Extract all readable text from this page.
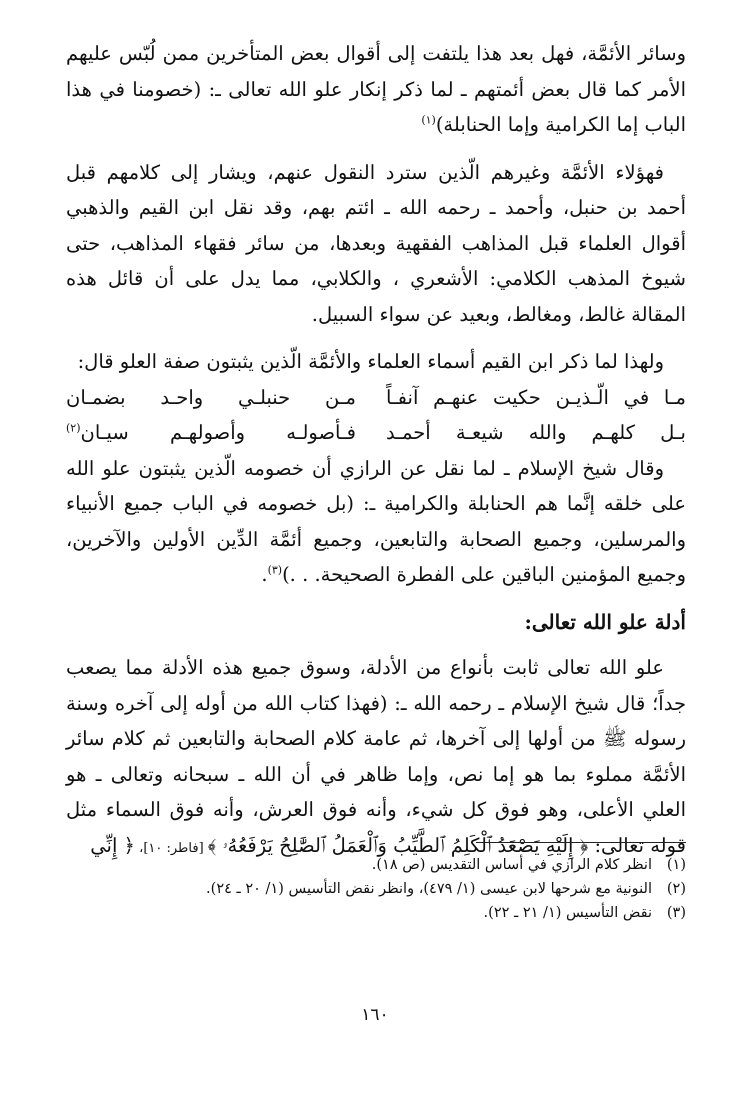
وسائر الأئمَّة، فهل بعد هذا يلتفت إلى أقوال بعض المتأخرين ممن لُبّس عليهم الأمر كما قال بعض أئمتهم ـ لما ذكر إنكار علو الله تعالى ـ: (خصومنا في هذا الباب إما الكرامية وإما الحنابلة)$^{(١)}$

فهؤلاء الأئمَّة وغيرهم الّذين سترد النقول عنهم، ويشار إلى كلامهم قبل أحمد بن حنبل، وأحمد ـ رحمه الله ـ ائتم بهم، وقد نقل ابن القيم والذهبي أقوال العلماء قبل المذاهب الفقهية وبعدها، من سائر فقهاء المذاهب، حتى شيوخ المذهب الكلامي: الأشعري ، والكلابي، مما يدل على أن قائل هذه المقالة غالط، ومغالط، وبعيد عن سواء السبيل.

ولهذا لما ذكر ابن القيم أسماء العلماء والأئمَّة الّذين يثبتون صفة العلو قال:

مـا في الّـذيـن حكيت عنهـم آنفـاً
مـن حنبلـي واحـد بضمـان
بـل كلهـم والله شيعـة أحمـد
فـأصولـه وأصولهـم سيـان$^{(٢)}$

وقال شيخ الإسلام ـ لما نقل عن الرازي أن خصومه الّذين يثبتون علو الله على خلقه إنَّما هم الحنابلة والكرامية ـ: (بل خصومه في الباب جميع الأنبياء والمرسلين، وجميع الصحابة والتابعين، وجميع أئمَّة الدِّين الأولين والآخرين، وجميع المؤمنين الباقين على الفطرة الصحيحة. . .)$^{(٣)}$.

أدلة علو الله تعالى:

علو الله تعالى ثابت بأنواع من الأدلة، وسوق جميع هذه الأدلة مما يصعب جداً؛ قال شيخ الإسلام ـ رحمه الله ـ: (فهذا كتاب الله من أوله إلى آخره وسنة رسوله ﷺ من أولها إلى آخرها، ثم عامة كلام الصحابة والتابعين ثم كلام سائر الأئمَّة مملوء بما هو إما نص، وإما ظاهر في أن الله ـ سبحانه وتعالى ـ هو العلي الأعلى، وهو فوق كل شيء، وأنه فوق العرش، وأنه فوق السماء مثل قوله تعالى: ﴿ إِلَيْهِ يَصْعَدُ ٱلْكَلِمُ ٱلطَّيِّبُ وَٱلْعَمَلُ ٱلصَّٰلِحُ يَرْفَعُهُۥ ﴾ [فاطر: ١٠]، ﴿ إِنِّي

(١)انظر كلام الرازي في أساس التقديس (ص ١٨).

(٢)النونية مع شرحها لابن عيسى (١/ ٤٧٩)، وانظر نقض التأسيس (١/ ٢٠ ـ ٢٤).

(٣)نقض التأسيس (١/ ٢١ ـ ٢٢).

١٦٠
